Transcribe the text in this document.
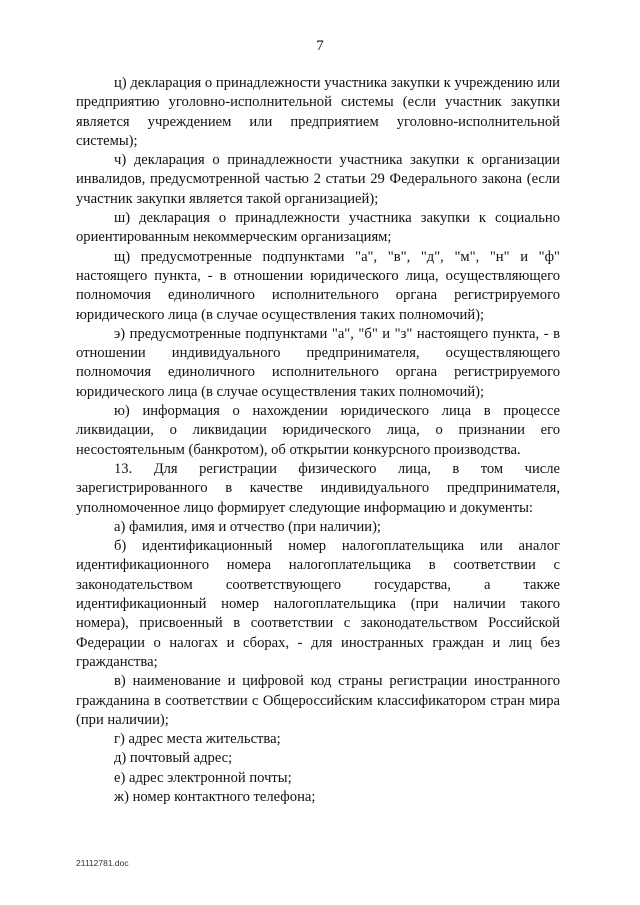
7

ц) декларация о принадлежности участника закупки к учреждению или предприятию уголовно-исполнительной системы (если участник закупки является учреждением или предприятием уголовно-исполнительной системы);

ч) декларация о принадлежности участника закупки к организации инвалидов, предусмотренной частью 2 статьи 29 Федерального закона (если участник закупки является такой организацией);

ш) декларация о принадлежности участника закупки к социально ориентированным некоммерческим организациям;

щ) предусмотренные подпунктами "а", "в", "д", "м", "н" и "ф" настоящего пункта, - в отношении юридического лица, осуществляющего полномочия единоличного исполнительного органа регистрируемого юридического лица (в случае осуществления таких полномочий);

э) предусмотренные подпунктами "а", "б" и "з" настоящего пункта, - в отношении индивидуального предпринимателя, осуществляющего полномочия единоличного исполнительного органа регистрируемого юридического лица (в случае осуществления таких полномочий);

ю) информация о нахождении юридического лица в процессе ликвидации, о ликвидации юридического лица, о признании его несостоятельным (банкротом), об открытии конкурсного производства.

13. Для регистрации физического лица, в том числе зарегистрированного в качестве индивидуального предпринимателя, уполномоченное лицо формирует следующие информацию и документы:

а) фамилия, имя и отчество (при наличии);

б) идентификационный номер налогоплательщика или аналог идентификационного номера налогоплательщика в соответствии с законодательством соответствующего государства, а также идентификационный номер налогоплательщика (при наличии такого номера), присвоенный в соответствии с законодательством Российской Федерации о налогах и сборах, - для иностранных граждан и лиц без гражданства;

в) наименование и цифровой код страны регистрации иностранного гражданина в соответствии с Общероссийским классификатором стран мира (при наличии);

г) адрес места жительства;

д) почтовый адрес;

е) адрес электронной почты;

ж) номер контактного телефона;

21112781.doc
